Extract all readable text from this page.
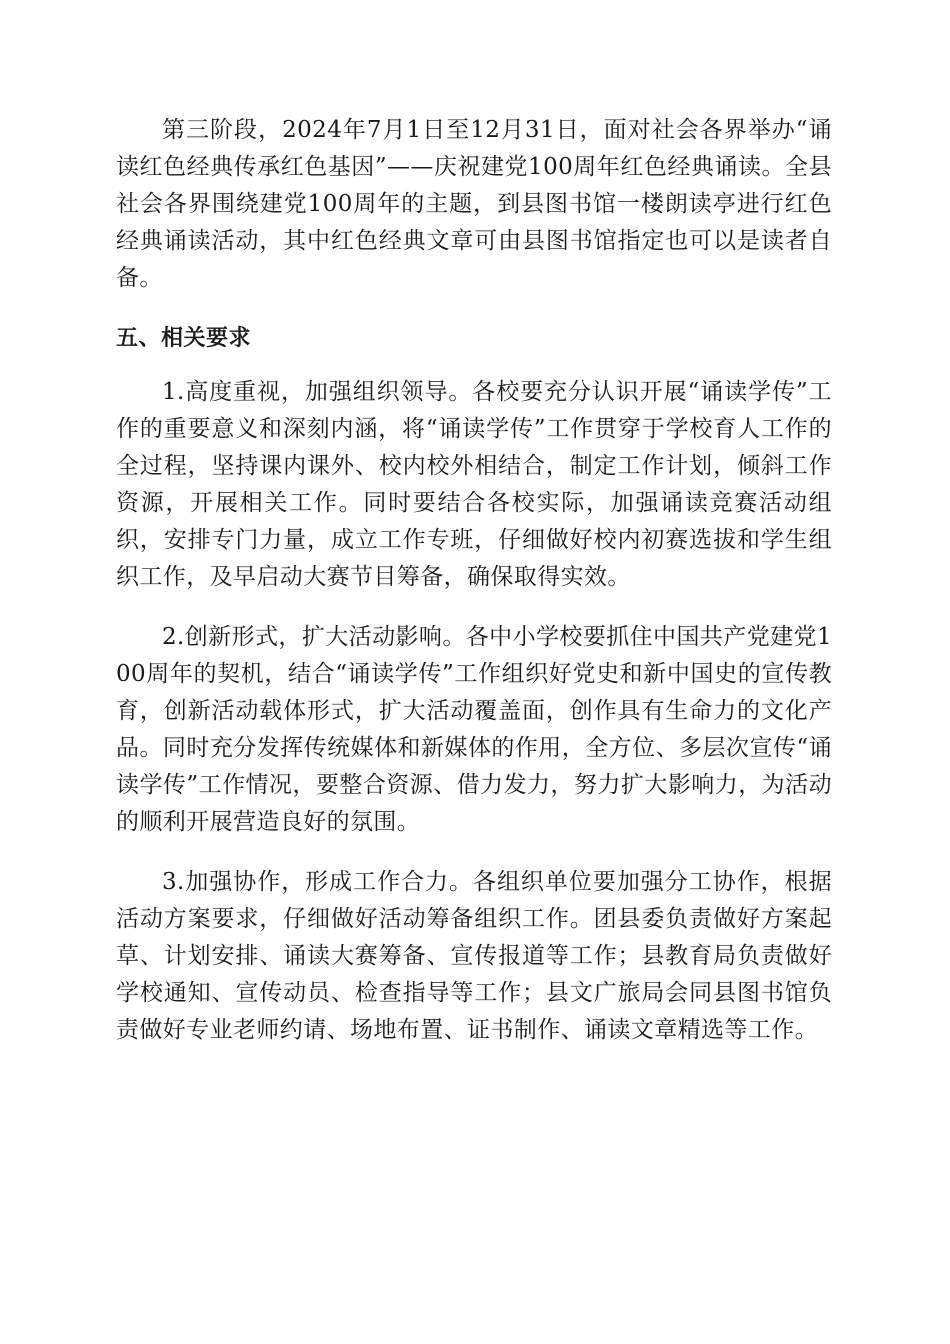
第三阶段，2024年7月1日至12月31日，面对社会各界举办“诵读红色经典传承红色基因”——庆祝建党100周年红色经典诵读。全县社会各界围绕建党100周年的主题，到县图书馆一楼朗读亭进行红色经典诵读活动，其中红色经典文章可由县图书馆指定也可以是读者自备。

五、相关要求

1.高度重视，加强组织领导。各校要充分认识开展“诵读学传”工作的重要意义和深刻内涵，将“诵读学传”工作贯穿于学校育人工作的全过程，坚持课内课外、校内校外相结合，制定工作计划，倾斜工作资源，开展相关工作。同时要结合各校实际，加强诵读竞赛活动组织，安排专门力量，成立工作专班，仔细做好校内初赛选拔和学生组织工作，及早启动大赛节目筹备，确保取得实效。

2.创新形式，扩大活动影响。各中小学校要抓住中国共产党建党100周年的契机，结合“诵读学传”工作组织好党史和新中国史的宣传教育，创新活动载体形式，扩大活动覆盖面，创作具有生命力的文化产品。同时充分发挥传统媒体和新媒体的作用，全方位、多层次宣传“诵读学传”工作情况，要整合资源、借力发力，努力扩大影响力，为活动的顺利开展营造良好的氛围。

3.加强协作，形成工作合力。各组织单位要加强分工协作，根据活动方案要求，仔细做好活动筹备组织工作。团县委负责做好方案起草、计划安排、诵读大赛筹备、宣传报道等工作；县教育局负责做好学校通知、宣传动员、检查指导等工作；县文广旅局会同县图书馆负责做好专业老师约请、场地布置、证书制作、诵读文章精选等工作。
